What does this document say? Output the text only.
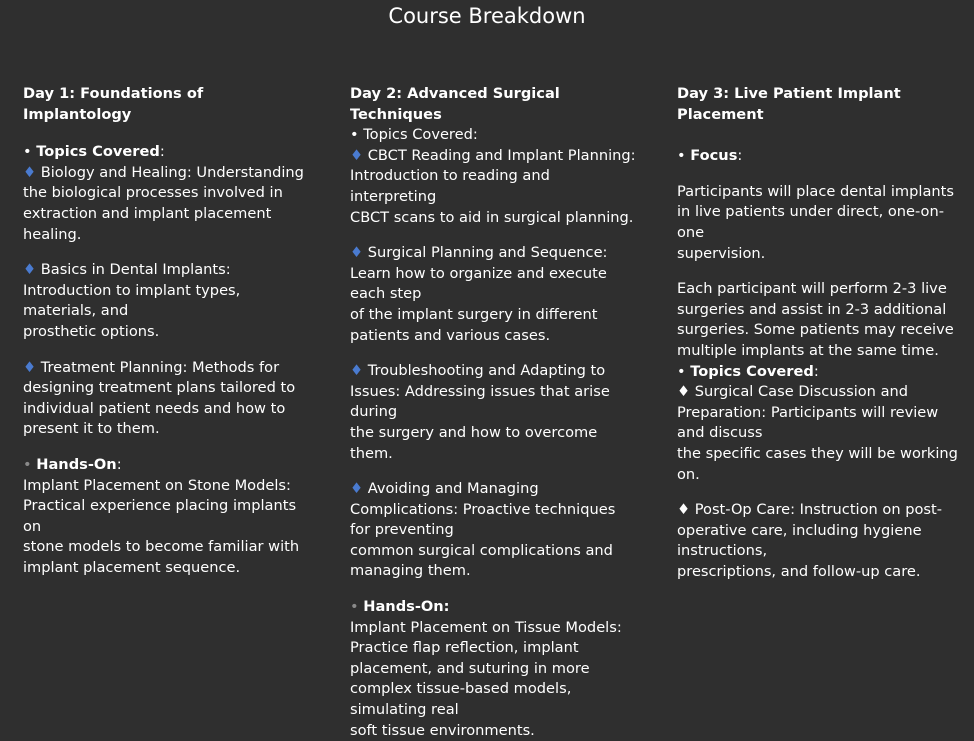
Course Breakdown

Day 1: Foundations of Implantology

• Topics Covered:

♦ Biology and Healing: Understanding

the biological processes involved in

extraction and implant placement

healing.

♦ Basics in Dental Implants:

Introduction to implant types,

materials, and

prosthetic options.

♦ Treatment Planning: Methods for

designing treatment plans tailored to

individual patient needs and how to

present it to them.

• Hands-On:

Implant Placement on Stone Models:

Practical experience placing implants

on

stone models to become familiar with

implant placement sequence.

Day 2: Advanced Surgical

Techniques

• Topics Covered:

♦ CBCT Reading and Implant Planning:

Introduction to reading and

interpreting

CBCT scans to aid in surgical planning.

♦ Surgical Planning and Sequence:

Learn how to organize and execute

each step

of the implant surgery in different

patients and various cases.

♦ Troubleshooting and Adapting to

Issues: Addressing issues that arise

during

the surgery and how to overcome

them.

♦ Avoiding and Managing

Complications: Proactive techniques

for preventing

common surgical complications and

managing them.

• Hands-On:

Implant Placement on Tissue Models:

Practice flap reflection, implant

placement, and suturing in more

complex tissue-based models,

simulating real

soft tissue environments.

Day 3: Live Patient Implant

Placement

• Focus:

Participants will place dental implants

in live patients under direct, one-on-

one

supervision.

Each participant will perform 2-3 live

surgeries and assist in 2-3 additional

surgeries. Some patients may receive

multiple implants at the same time.

• Topics Covered:

♦ Surgical Case Discussion and

Preparation: Participants will review

and discuss

the specific cases they will be working

on.

♦ Post-Op Care: Instruction on post-

operative care, including hygiene

instructions,

prescriptions, and follow-up care.
